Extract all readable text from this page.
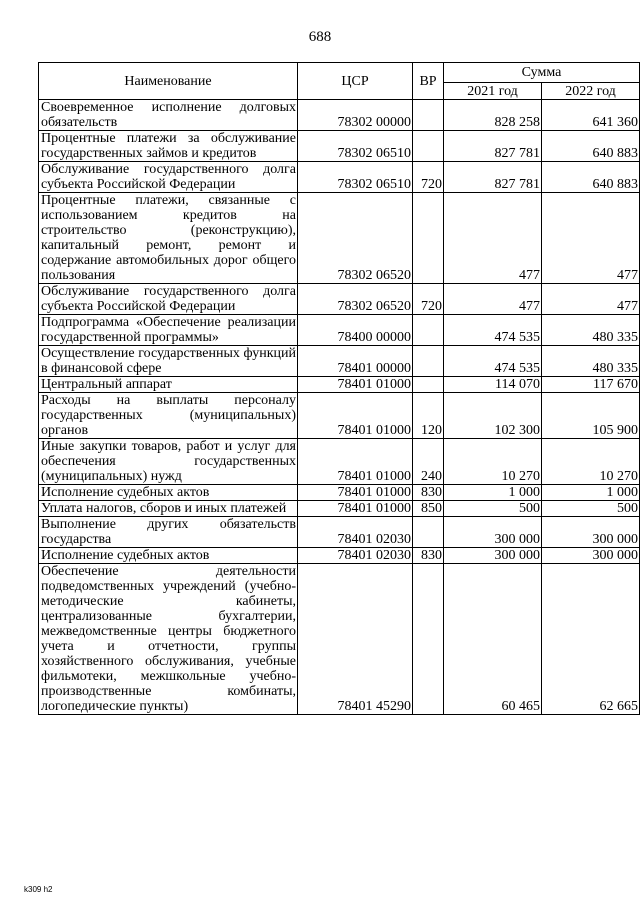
688
Наименование	ЦСР	ВР	Сумма	
			2021 год	2022 год
Своевременное исполнение долговых обязательств	78302 00000		828 258	641 360
Процентные платежи за обслуживание государственных займов и кредитов	78302 06510		827 781	640 883
Обслуживание государственного долга субъекта Российской Федерации	78302 06510	720	827 781	640 883
Процентные платежи, связанные с использованием кредитов на строительство (реконструкцию), капитальный ремонт, ремонт и содержание автомобильных дорог общего пользования	78302 06520		477	477
Обслуживание государственного долга субъекта Российской Федерации	78302 06520	720	477	477
Подпрограмма «Обеспечение реализации государственной программы»	78400 00000		474 535	480 335
Осуществление государственных функций в финансовой сфере	78401 00000		474 535	480 335
Центральный аппарат	78401 01000		114 070	117 670
Расходы на выплаты персоналу государственных (муниципальных) органов	78401 01000	120	102 300	105 900
Иные закупки товаров, работ и услуг для обеспечения государственных (муниципальных) нужд	78401 01000	240	10 270	10 270
Исполнение судебных актов	78401 01000	830	1 000	1 000
Уплата налогов, сборов и иных платежей	78401 01000	850	500	500
Выполнение других обязательств государства	78401 02030		300 000	300 000
Исполнение судебных актов	78401 02030	830	300 000	300 000
Обеспечение деятельности подведомственных учреждений (учебно-методические кабинеты, централизованные бухгалтерии, межведомственные центры бюджетного учета и отчетности, группы хозяйственного обслуживания, учебные фильмотеки, межшкольные учебно-производственные комбинаты, логопедические пункты)	78401 45290		60 465	62 665
k309 h2
